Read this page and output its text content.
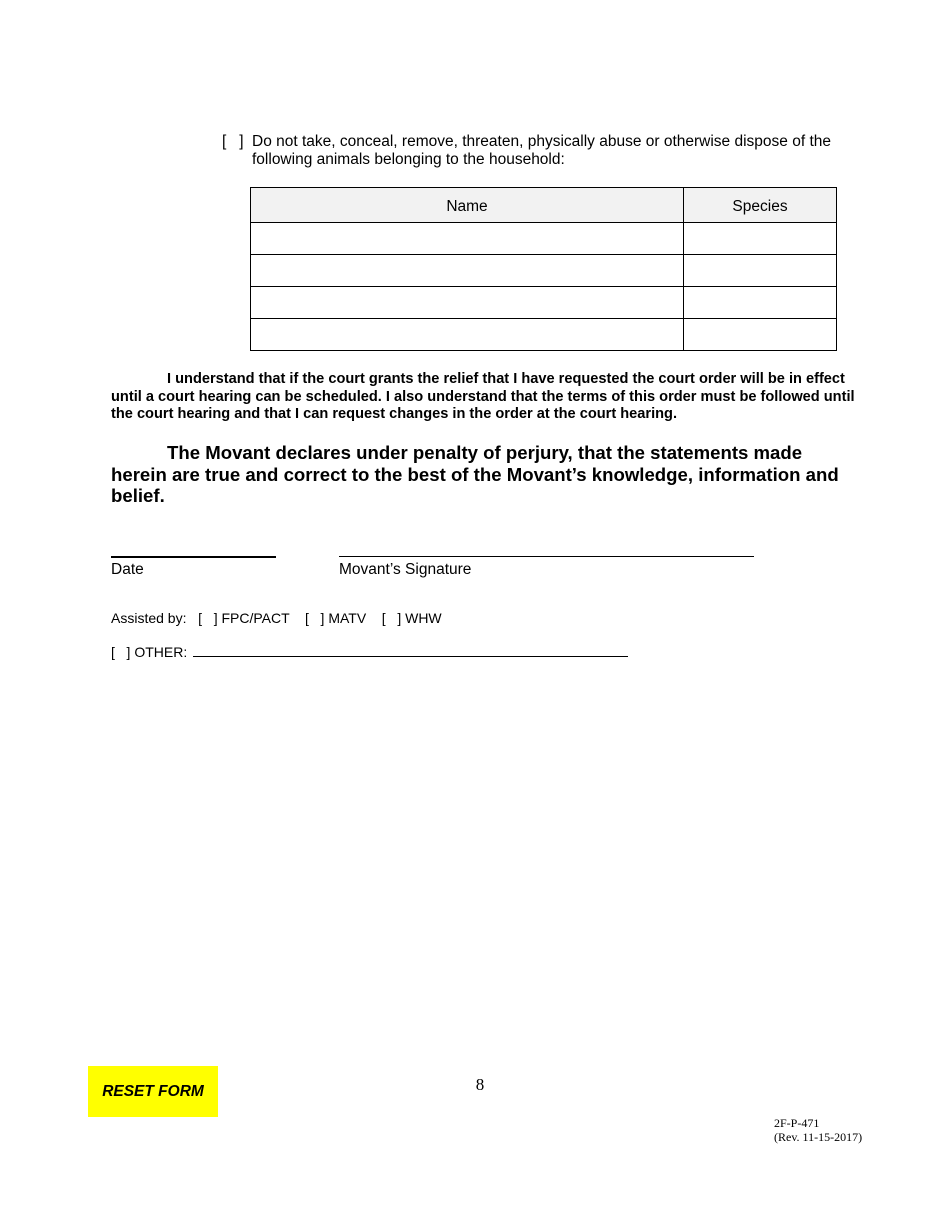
[   ] Do not take, conceal, remove, threaten, physically abuse or otherwise dispose of the following animals belonging to the household:
Name	Species

I understand that if the court grants the relief that I have requested the court order will be in effect until a court hearing can be scheduled. I also understand that the terms of this order must be followed until the court hearing and that I can request changes in the order at the court hearing.

The Movant declares under penalty of perjury, that the statements made herein are true and correct to the best of the Movant’s knowledge, information and belief.

Date	Movant’s Signature
Assisted by: [   ] FPC/PACT [   ] MATV [   ] WHW
[   ] OTHER:
RESET FORM	8
2F-P-471
(Rev. 11-15-2017)
